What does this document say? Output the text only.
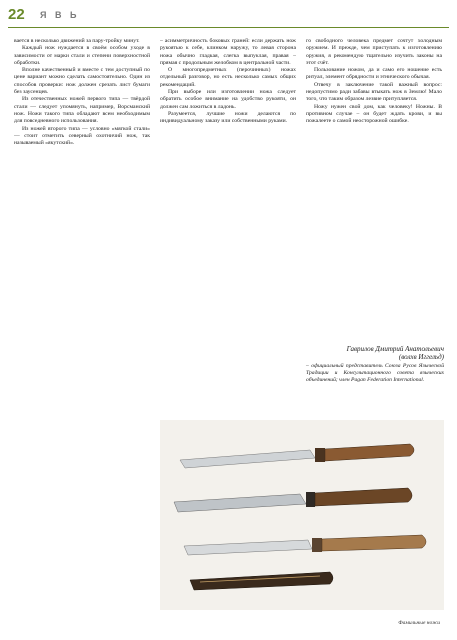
22	Я В Ь

вается в несколько движений за пару-тройку минут.

Каждый нож нуждается в своём особом уходе в зависимости от марки стали и степени поверхностной обработки.

Вполне качественный и вместе с тем доступный по цене вариант можно сделать самостоятельно. Один из способов проверки: нож должен срезать лист бумаги без заусенцев.

Из отечественных ножей первого типа — твёрдой стали — следует упомянуть, например, Ворсманский нож. Ножи такого типа обладают всем необходимым для повседневного использования.

Из ножей второго типа — условно «мягкой стали» — стоит отметить северный охотничий нож, так называемый «якутский».

– асимметричность боковых граней: если держать нож рукоятью к себе, клинком наружу, то левая сторона ножа обычно гладкая, слегка выпуклая, правая – прямая с продольным желобком в центральной части.

О многопредметных (перочинных) ножах отдельный разговор, но есть несколько самых общих рекомендаций.

При выборе или изготовлении ножа следует обратить особое внимание на удобство рукояти, он должен сам ложиться в ладонь.

Разумеется, лучшие ножи делаются по индивидуальному заказу или собственными руками.

го свободного человека предмет сочтут холодным оружием. И прежде, чем приступать к изготовлению оружия, я рекомендую тщательно изучить законы на этот счёт.

Пользование ножом, да и само его ношение есть ритуал, элемент обрядности и этнического обычая.

Отвечу в заключение такой важный вопрос: недопустимо ради забавы втыкать нож в Землю! Мало того, что таким образом лезвие притупляется.

Ножу нужен свой дом, как человеку! Ножны. В противном случае – он будет ждать крови, и вы пожалеете о самой неосторожной ошибке.

Гаврилов Дмитрий Анатольевич
(волхв Иггельд)
– официальный представитель Союза Русов Языческой Традиции и Консультационного совета языческих объединений; член Pagan Federation International.
Фамильные ножи
